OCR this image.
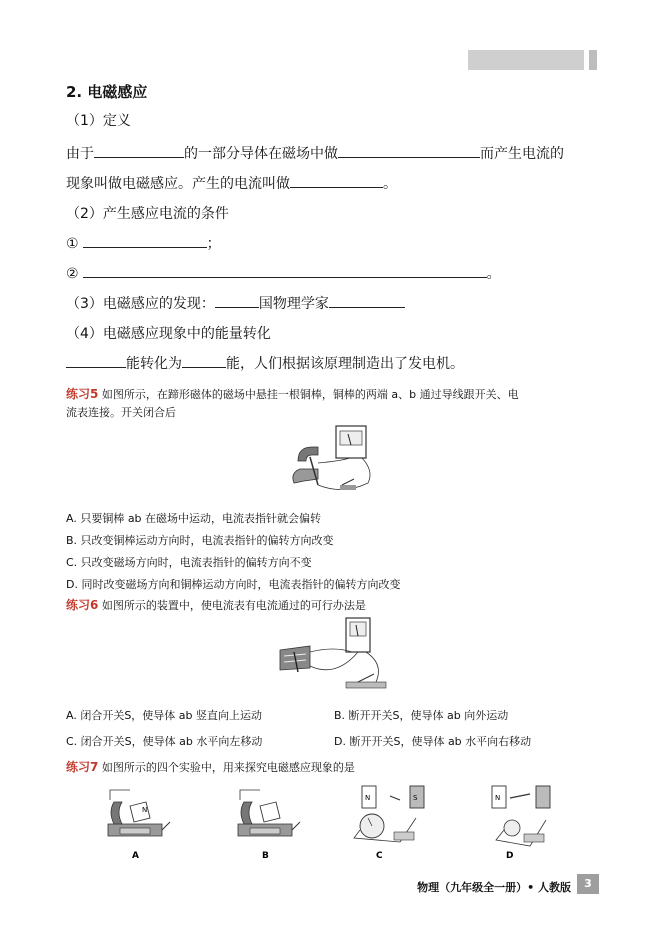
2. 电磁感应
（1）定义
由于	的一部分导体在磁场中做	而产生电流的
现象叫做电磁感应。产生的电流叫做	。
（2）产生感应电流的条件
①	；
②	。
（3）电磁感应的发现：	国物理学家
（4）电磁感应现象中的能量转化
能转化为	能，人们根据该原理制造出了发电机。
练习5 如图所示，在蹄形磁体的磁场中悬挂一根铜棒，铜棒的两端 a、b 通过导线跟开关、电
流表连接。开关闭合后
A. 只要铜棒 ab 在磁场中运动，电流表指针就会偏转
B. 只改变铜棒运动方向时，电流表指针的偏转方向改变
C. 只改变磁场方向时，电流表指针的偏转方向不变
D. 同时改变磁场方向和铜棒运动方向时，电流表指针的偏转方向改变
练习6 如图所示的装置中，使电流表有电流通过的可行办法是
A. 闭合开关S，使导体 ab 竖直向上运动	B. 断开开关S，使导体 ab 向外运动
C. 闭合开关S，使导体 ab 水平向左移动	D. 断开开关S，使导体 ab 水平向右移动
练习7 如图所示的四个实验中，用来探究电磁感应现象的是
N
N	S	N
A	B	C	D
物理（九年级全一册）• 人教版	3
